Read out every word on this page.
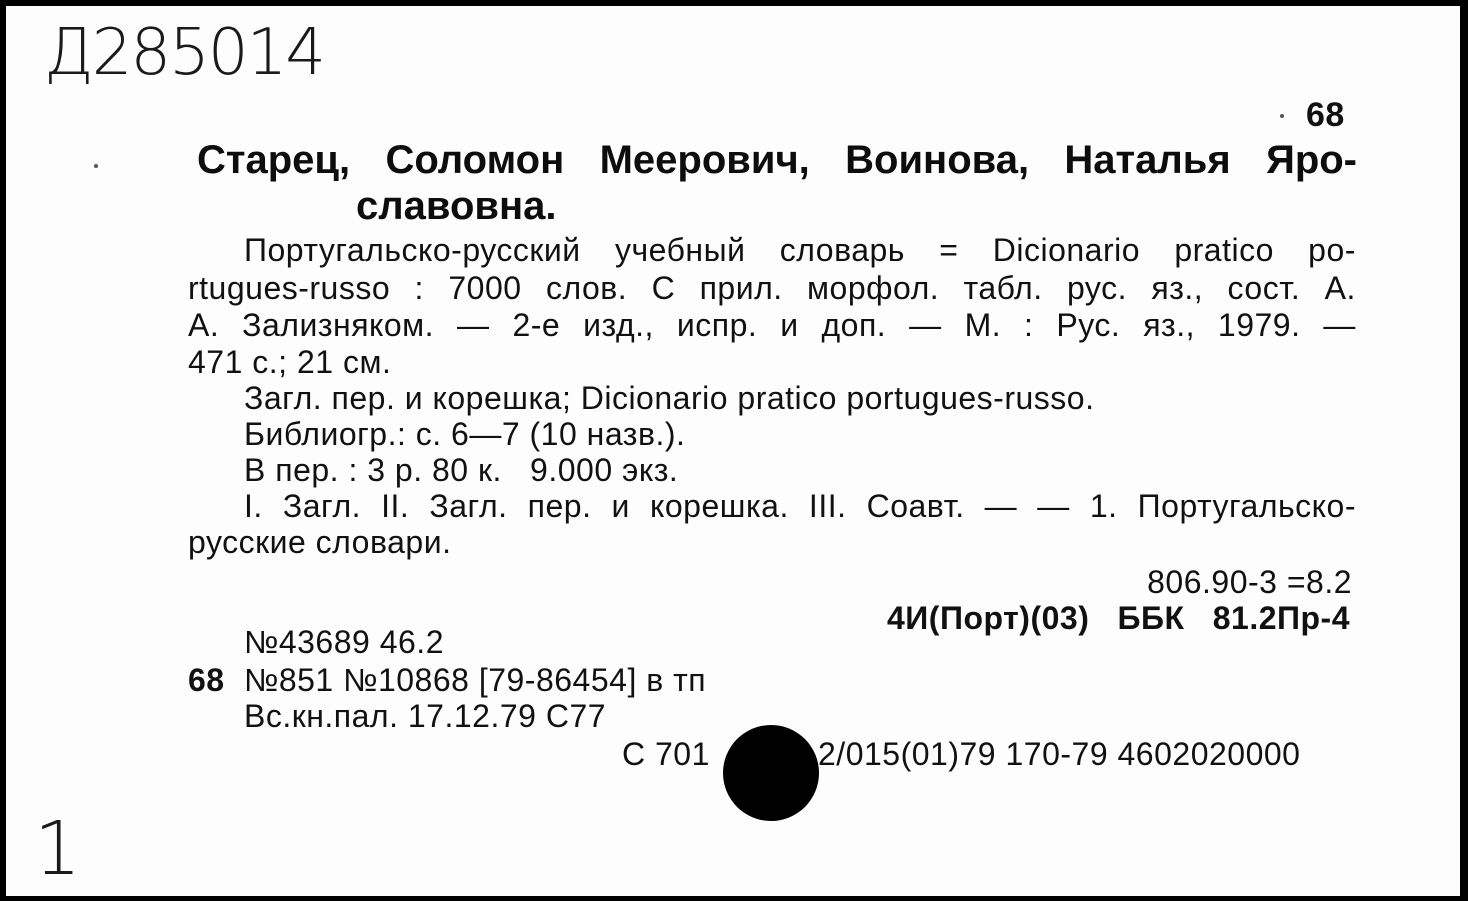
Д285014
68
Старец, Соломон Меерович, Воинова, Наталья Яро-
славовна.
Португальско-русский учебный словарь = Dicionario pratico po-
rtugues-russo : 7000 слов. С прил. морфол. табл. рус. яз., сост. А.
А. Зализняком. — 2-е изд., испр. и доп. — М. : Рус. яз., 1979. —
471 с.; 21 см.
Загл. пер. и корешка; Dicionario pratico portugues-russo.
Библиогр.: с. 6—7 (10 назв.).
В пер. : 3 р. 80 к.   9.000 экз.
I. Загл. II. Загл. пер. и корешка. III. Соавт. — — 1. Португальско-
русские словари.
806.90-3 =8.2
4И(Порт)(03)   ББК   81.2Пр-4
№43689 46.2
68 №851 №10868 [79-86454] в тп
Вс.кн.пал. 17.12.79 С77
С 701	2/015(01)79 170-79 4602020000
1
